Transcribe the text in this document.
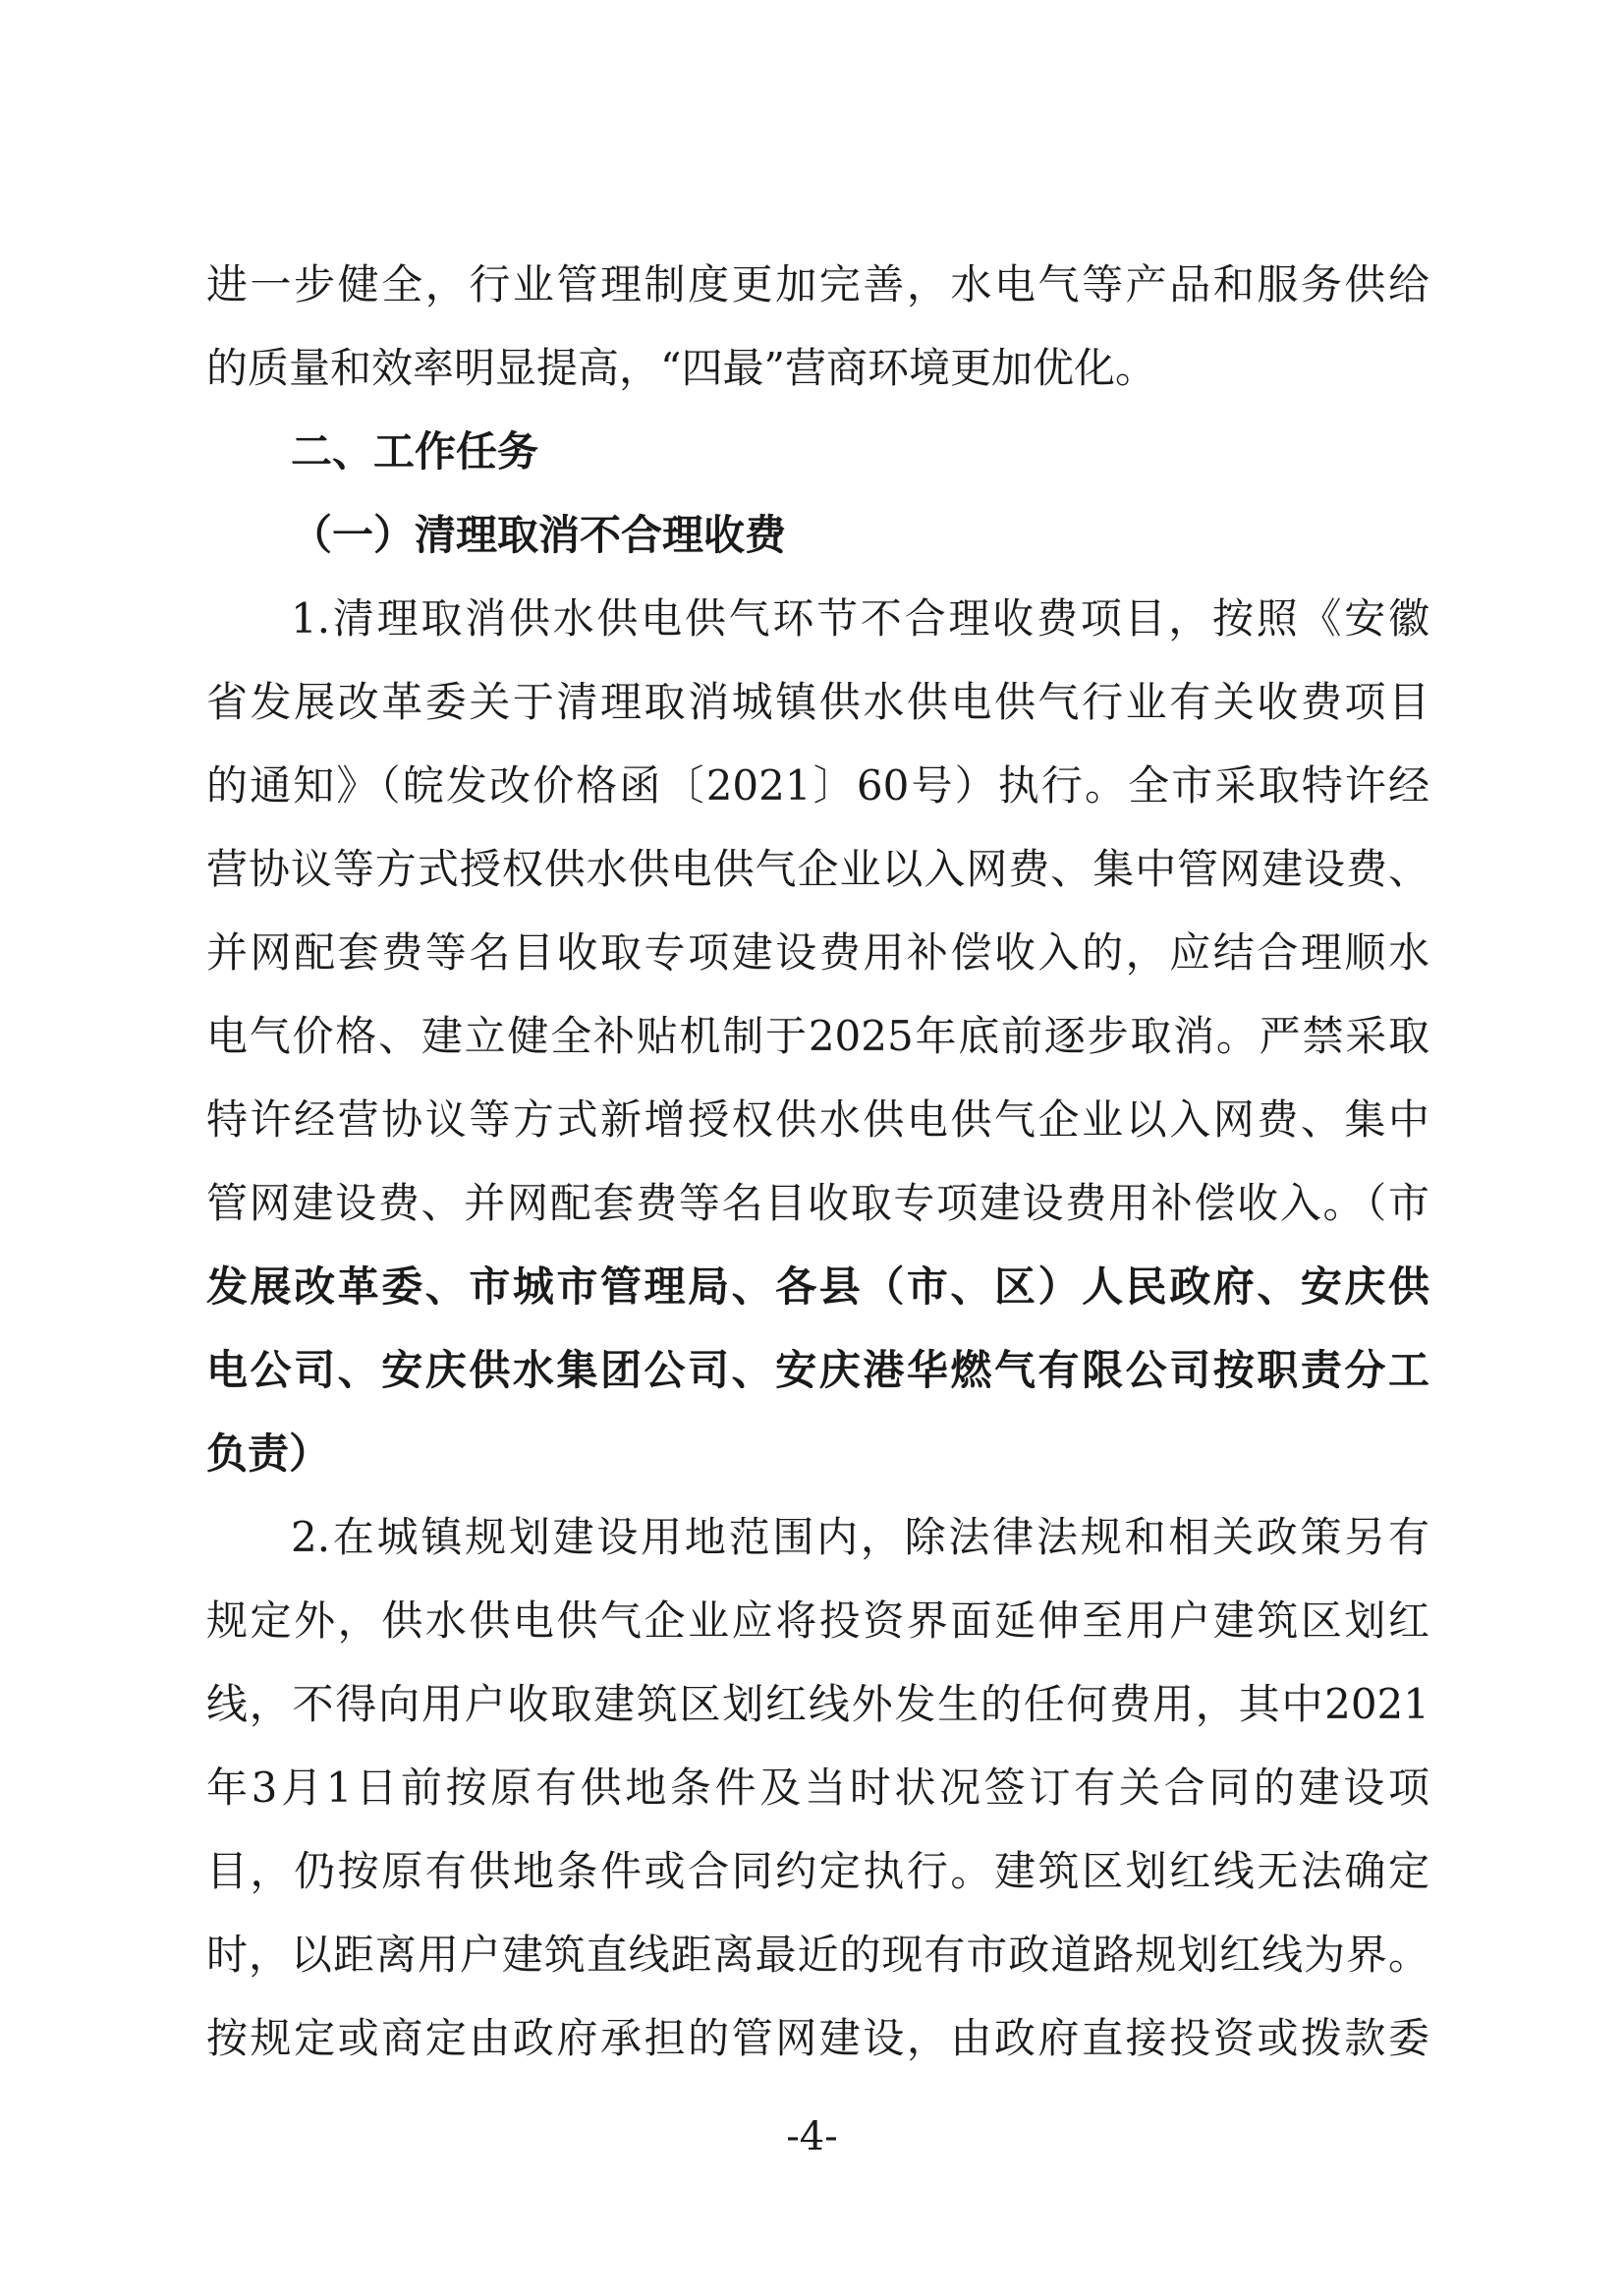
进一步健全，行业管理制度更加完善，水电气等产品和服务供给
的质量和效率明显提高，“四最”营商环境更加优化。
二、工作任务
（一）清理取消不合理收费
1.清理取消供水供电供气环节不合理收费项目，按照《安徽
省发展改革委关于清理取消城镇供水供电供气行业有关收费项目
的通知》（皖发改价格函〔2021〕60号）执行。全市采取特许经
营协议等方式授权供水供电供气企业以入网费、集中管网建设费、
并网配套费等名目收取专项建设费用补偿收入的，应结合理顺水
电气价格、建立健全补贴机制于2025年底前逐步取消。严禁采取
特许经营协议等方式新增授权供水供电供气企业以入网费、集中
管网建设费、并网配套费等名目收取专项建设费用补偿收入。（市
发展改革委、市城市管理局、各县（市、区）人民政府、安庆供
电公司、安庆供水集团公司、安庆港华燃气有限公司按职责分工
负责）
2.在城镇规划建设用地范围内，除法律法规和相关政策另有
规定外，供水供电供气企业应将投资界面延伸至用户建筑区划红
线，不得向用户收取建筑区划红线外发生的任何费用，其中2021
年3月1日前按原有供地条件及当时状况签订有关合同的建设项
目，仍按原有供地条件或合同约定执行。建筑区划红线无法确定
时，以距离用户建筑直线距离最近的现有市政道路规划红线为界。
按规定或商定由政府承担的管网建设，由政府直接投资或拨款委
-4-
